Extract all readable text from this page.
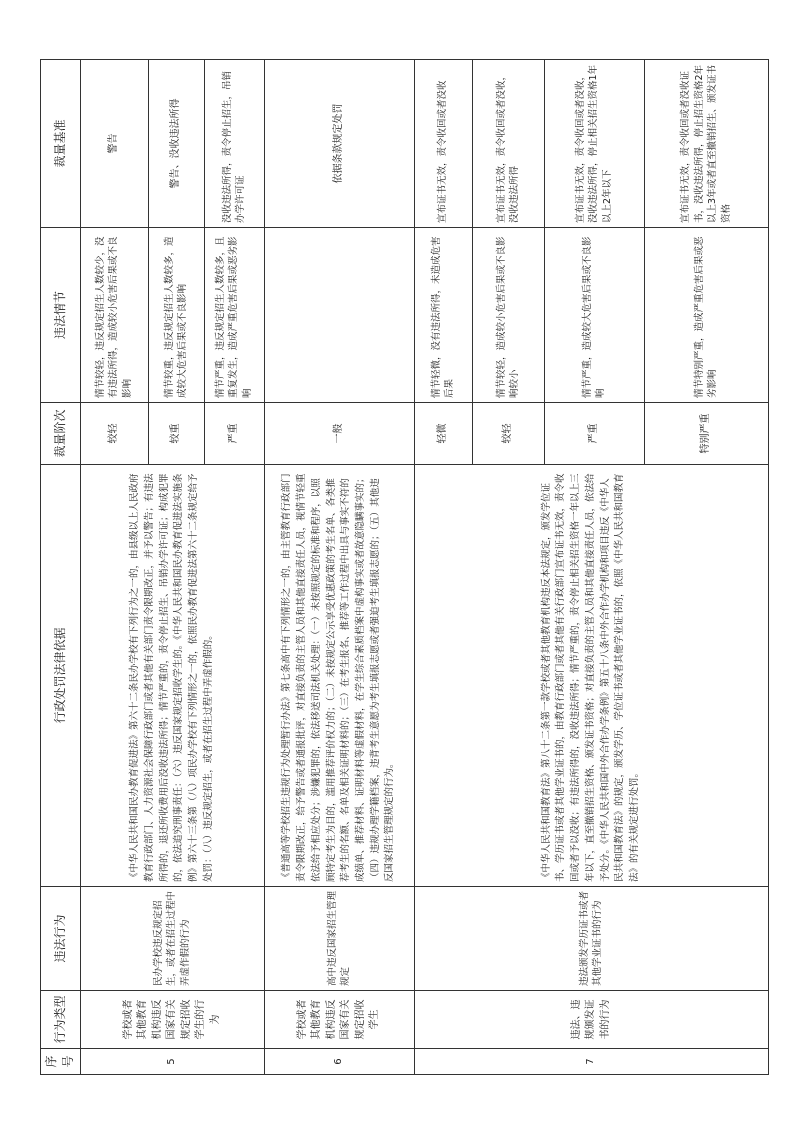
序号	行为类型	违法行为	行政处罚法律依据	裁量阶次	违法情节	裁量基准
5	学校或者其他教育机构违反国家有关规定招收学生的行为	民办学校违反规定招生，或者在招生过程中弄虚作假的行为	《中华人民共和国民办教育促进法》第六十二条民办学校有下列行为之一的，由县级以上人民政府教育行政部门、人力资源社会保障行政部门或者其他有关部门责令限期改正，并予以警告；有违法所得的，退还所收费用后没收违法所得；情节严重的，责令停止招生、吊销办学许可证；构成犯罪的，依法追究刑事责任：（六）违反国家规定招收学生的。《中华人民共和国民办教育促进法实施条例》第六十三条第（八）项民办学校有下列情形之一的，依照民办教育促进法第六十二条规定给予处罚：（八）违反规定招生，或者在招生过程中弄虚作假的。	较轻	情节较轻，违反规定招生人数较少，没有违法所得，造成较小危害后果或不良影响	警告
				较重	情节较重，违反规定招生人数较多，造成较大危害后果或不良影响	警告、没收违法所得
				严重	情节严重，违反规定招生人数较多，且重复发生，造成严重危害后果或恶劣影响	没收违法所得，责令停止招生，吊销办学许可证
6	学校或者其他教育机构违反国家有关规定招收学生	高中违反国家招生管理规定	《普通高等学校招生违规行为处理暂行办法》第七条高中有下列情形之一的，由主管教育行政部门责令限期改正，给予警告或者通报批评，对直接负责的主管人员和其他直接责任人员，视情节轻重依法给予相应处分；涉嫌犯罪的，依法移送司法机关处理：（一）未按照规定的标准和程序，以照顾特定考生为目的，滥用推荐评价权力的；（二）未按规定公示享受优惠政策的考生名单、各类推荐考生的名额、名单及相关证明材料的；（三）在考生报名、推荐等工作过程中出具与事实不符的成绩单、推荐材料、证明材料等虚假材料，在学生综合素质档案中虚构事实或者故意隐瞒事实的；（四）违规办理学籍档案，违背考生意愿为考生填报志愿或者强迫考生填报志愿的；（五）其他违反国家招生管理规定的行为。	一般		依据条款规定处罚
7	违法、违规颁发证书的行为	违法颁发学历证书或者其他学业证书的行为	《中华人民共和国教育法》第八十二条第一款学校或者其他教育机构违反本法规定，颁发学位证书、学历证书或者其他学业证书的，由教育行政部门或者其他有关行政部门宣布证书无效，责令收回或者予以没收；有违法所得的，没收违法所得；情节严重的，责令停止相关招生资格一年以上三年以下，直至撤销招生资格、颁发证书资格；对直接负责的主管人员和其他直接责任人员，依法给予处分。《中华人民共和国中外合作办学条例》第五十八条中外合作办学机构和项目违反《中华人民共和国教育法》的规定，颁发学历、学位证书或者其他学业证书的，依照《中华人民共和国教育法》的有关规定进行处罚。	轻微	情节轻微，没有违法所得，未造成危害后果	宣布证书无效，责令收回或者没收
				较轻	情节较轻，造成较小危害后果或不良影响较小	宣布证书无效，责令收回或者没收，没收违法所得
				严重	情节严重，造成较大危害后果或不良影响	宣布证书无效，责令收回或者没收，没收违法所得，停止相关招生资格1年以上2年以下
				特别严重	情节特别严重，造成严重危害后果或恶劣影响	宣布证书无效，责令收回或者没收证书，没收违法所得，停止招生资格2年以上3年或者直至撤销招生、颁发证书资格
